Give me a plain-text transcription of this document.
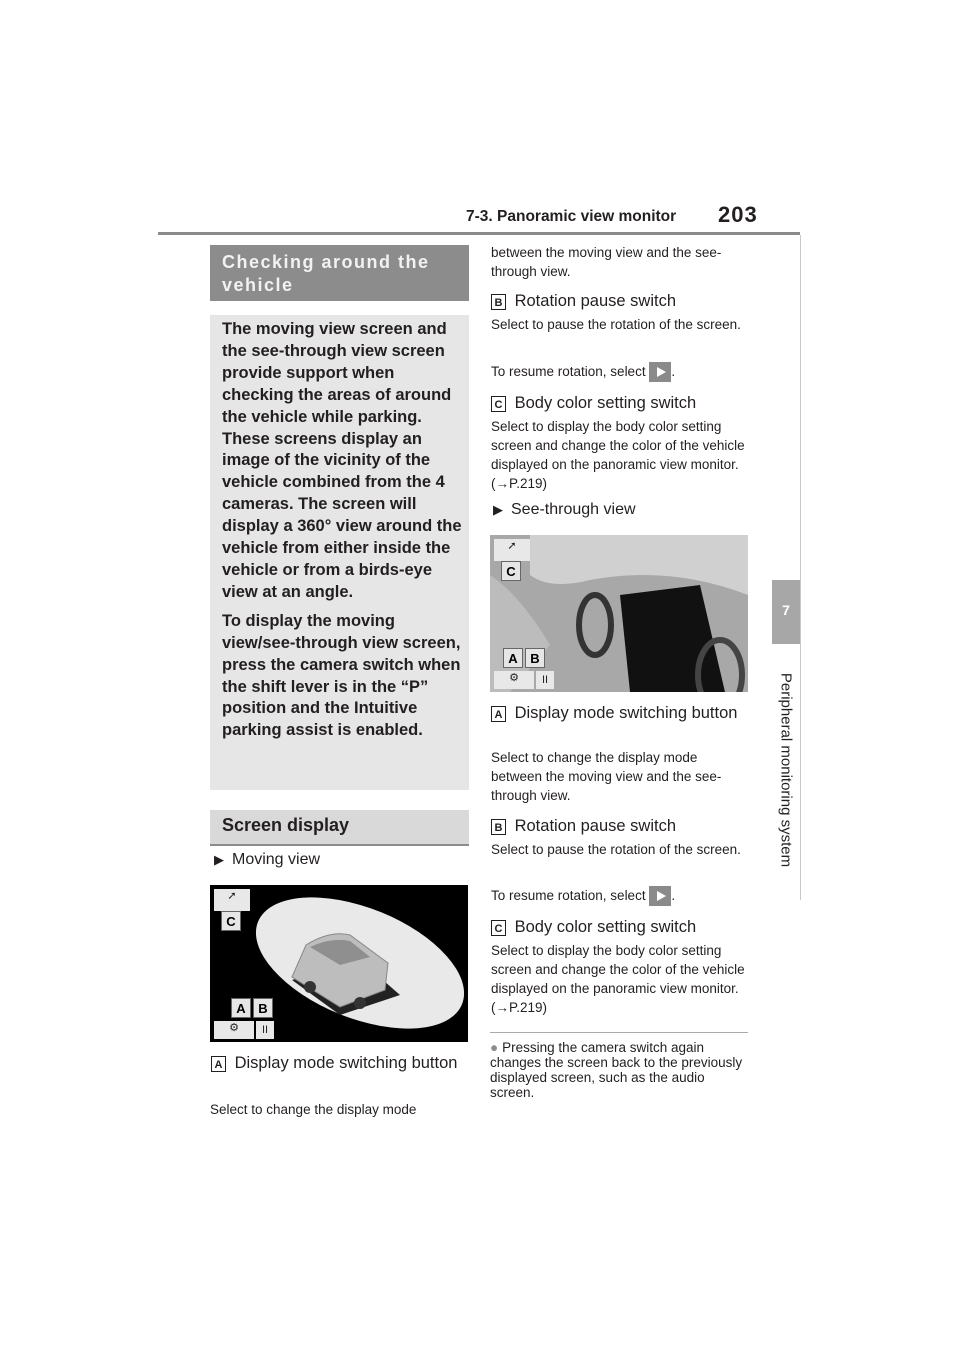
7-3. Panoramic view monitor 203
7
Peripheral monitoring system
Checking around the vehicle

The moving view screen and the see-through view screen provide support when checking the areas of around the vehicle while parking. These screens display an image of the vicinity of the vehicle combined from the 4 cameras. The screen will display a 360° view around the vehicle from either inside the vehicle or from a birds-eye view at an angle.

To display the moving view/see-through view screen, press the camera switch when the shift lever is in the “P” position and the Intuitive parking assist is enabled.

Screen display
▶ Moving view
➚
C
A B
⚙	II
A Display mode switching button
Select to change the display mode
between the moving view and the see-through view.
B Rotation pause switch
Select to pause the rotation of the screen.
To resume rotation, select .
C Body color setting switch
Select to display the body color setting screen and change the color of the vehicle displayed on the panoramic view monitor. (→P.219)
▶ See-through view
➚
C
A B
⚙	II
A Display mode switching button
Select to change the display mode between the moving view and the see-through view.
B Rotation pause switch
Select to pause the rotation of the screen.
To resume rotation, select .
C Body color setting switch
Select to display the body color setting screen and change the color of the vehicle displayed on the panoramic view monitor. (→P.219)
● Pressing the camera switch again changes the screen back to the previously displayed screen, such as the audio screen.
